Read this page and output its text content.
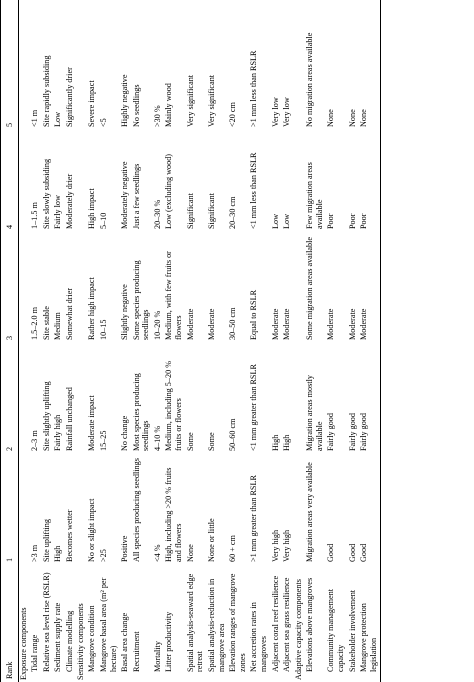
Rank	1	2	3	4	5
Exposure components					
Tidal range	>3 m	2–3 m	1.5–2.0 m	1–1.5 m	<1 m
Relative sea level rise (RSLR)	Site uplifting	Site slightly uplifting	Site stable	Site slowly subsiding	Site rapidly subsiding
Sediment supply rate	High	Fairly high	Medium	Fairly low	Low
Climate modelling	Becomes wetter	Rainfall unchanged	Somewhat drier	Moderately drier	Significantly drier
Sensitivity components					
Mangrove condition	No or slight impact	Moderate impact	Rather high impact	High impact	Severe impact
Mangrove basal area (m² per hectare)	>25	15–25	10–15	5–10	<5
Basal area change	Positive	No change	Slightly negative	Moderately negative	Highly negative
Recruitment	All species producing seedlings	Most species producing seedlings	Some species producing seedlings	Just a few seedlings	No seedlings
Mortality	<4 %	4–10 %	10–20 %	20–30 %	>30 %
Litter productivity	High, including >20 % fruits and flowers	Medium, including 5–20 % fruits or flowers	Medium, with few fruits or flowers	Low (excluding wood)	Mainly wood
Spatial analysis-seaward edge retreat	None	Some	Moderate	Significant	Very significant
Spatial analysis-reduction in mangrove area	None or little	Some	Moderate	Significant	Very significant
Elevation ranges of mangrove zones	60 + cm	50–60 cm	30–50 cm	20–30 cm	<20 cm
Net accretion rates in mangroves	>1 mm greater than RSLR	<1 mm greater than RSLR	Equal to RSLR	<1 mm less than RSLR	>1 mm less than RSLR
Adjacent coral reef resilience	Very high	High	Moderate	Low	Very low
Adjacent sea grass resilience	Very high	High	Moderate	Low	Very low
Adaptive capacity components					
Elevations above mangroves	Migration areas very available	Migration areas mostly available	Some migration areas available	Few migration areas available	No migration areas available
Community management capacity	Good	Fairly good	Moderate	Poor	None
Stakeholder involvement	Good	Fairly good	Moderate	Poor	None
Mangrove protection legislation	Good	Fairly good	Moderate	Poor	None
